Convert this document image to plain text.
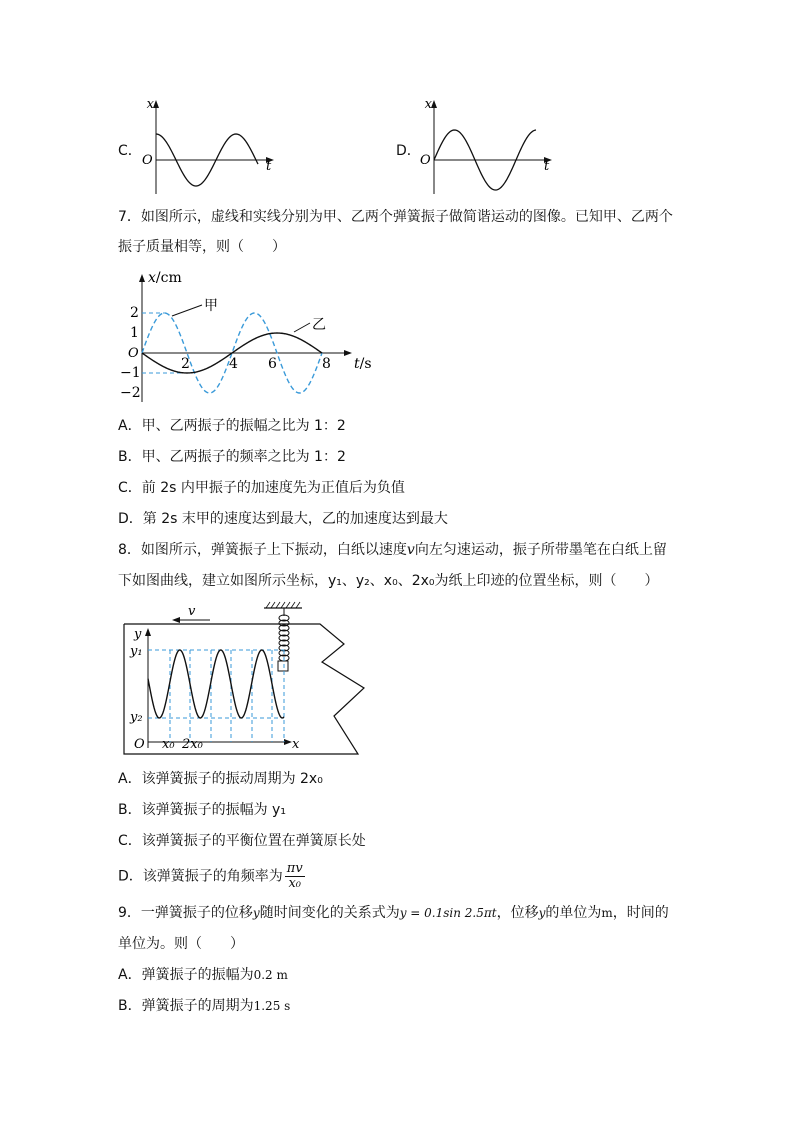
C．
x
t
O
D．
x
t
O
7．如图所示，虚线和实线分别为甲、乙两个弹簧振子做简谐运动的图像。已知甲、乙两个
振子质量相等，则（　　）
x/cm
t/s
O
2
1
−1
−2
2	4 6	8
甲
乙
A．甲、乙两振子的振幅之比为 1：2
B．甲、乙两振子的频率之比为 1：2
C．前 2s 内甲振子的加速度先为正值后为负值
D．第 2s 末甲的速度达到最大，乙的加速度达到最大
8．如图所示，弹簧振子上下振动，白纸以速度v向左匀速运动，振子所带墨笔在白纸上留
下如图曲线，建立如图所示坐标，y₁、y₂、x₀、2x₀为纸上印迹的位置坐标，则（　　）
v
y
x
O
y₁
y₂
x₀ 2x₀
A．该弹簧振子的振动周期为 2x₀
B．该弹簧振子的振幅为 y₁
C．该弹簧振子的平衡位置在弹簧原长处
D．该弹簧振子的角频率为 $\frac{\pi v}{\text{x₀}}$
9．一弹簧振子的位移y随时间变化的关系式为y = 0.1sin 2.5πt，位移y的单位为m，时间的
单位为。则（　　）
A．弹簧振子的振幅为0.2 m
B．弹簧振子的周期为1.25 s
